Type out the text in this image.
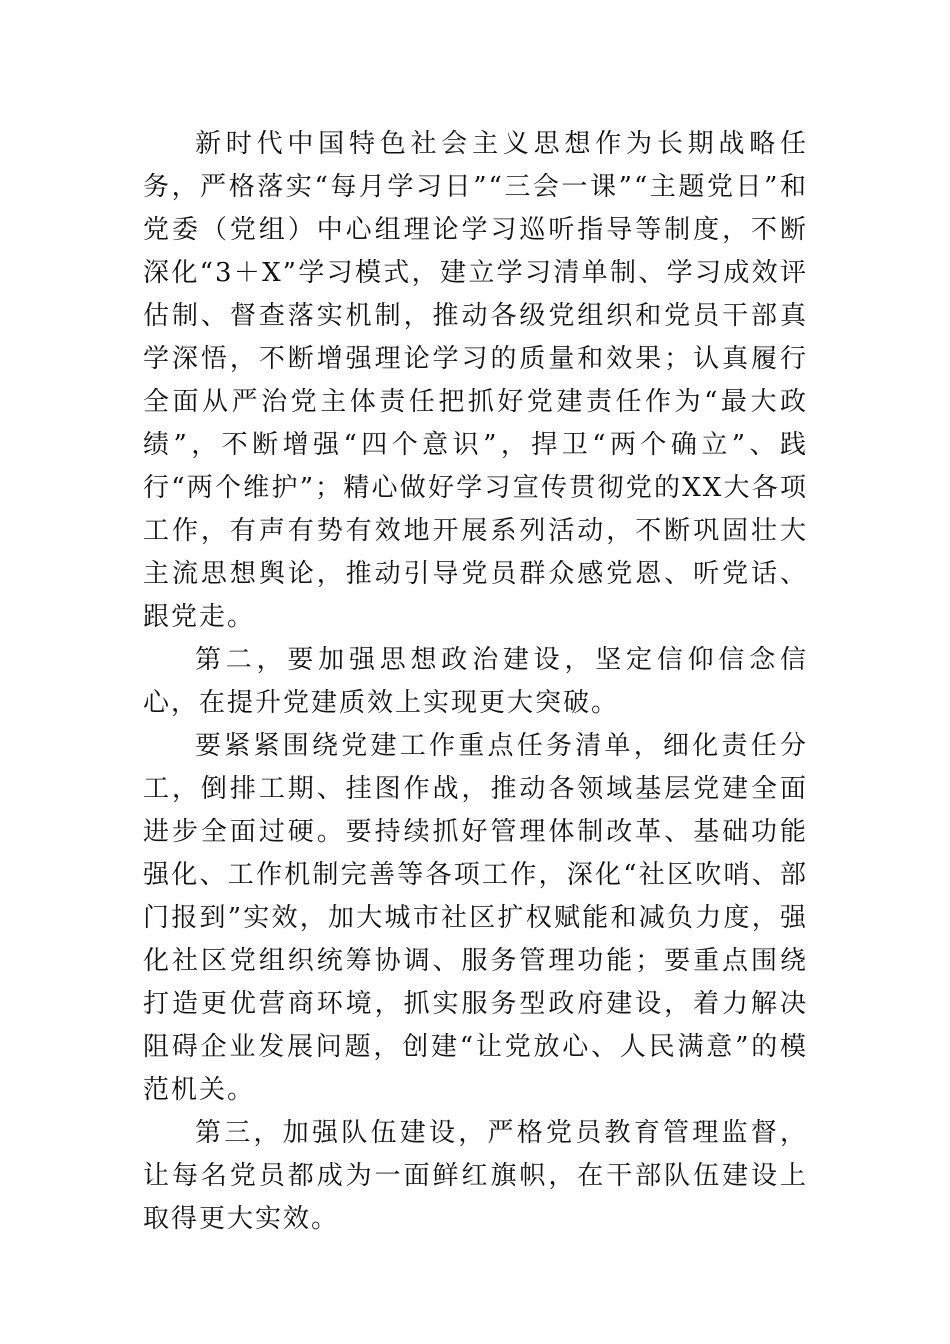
新时代中国特色社会主义思想作为长期战略任务，严格落实“每月学习日”“三会一课”“主题党日”和党委（党组）中心组理论学习巡听指导等制度，不断深化“3＋X”学习模式，建立学习清单制、学习成效评估制、督查落实机制，推动各级党组织和党员干部真学深悟，不断增强理论学习的质量和效果；认真履行全面从严治党主体责任把抓好党建责任作为“最大政绩”，不断增强“四个意识”，捍卫“两个确立”、践行“两个维护”；精心做好学习宣传贯彻党的XX大各项工作，有声有势有效地开展系列活动，不断巩固壮大主流思想舆论，推动引导党员群众感党恩、听党话、跟党走。

第二，要加强思想政治建设，坚定信仰信念信心，在提升党建质效上实现更大突破。

要紧紧围绕党建工作重点任务清单，细化责任分工，倒排工期、挂图作战，推动各领域基层党建全面进步全面过硬。要持续抓好管理体制改革、基础功能强化、工作机制完善等各项工作，深化“社区吹哨、部门报到”实效，加大城市社区扩权赋能和减负力度，强化社区党组织统筹协调、服务管理功能；要重点围绕打造更优营商环境，抓实服务型政府建设，着力解决阻碍企业发展问题，创建“让党放心、人民满意”的模范机关。

第三，加强队伍建设，严格党员教育管理监督，让每名党员都成为一面鲜红旗帜，在干部队伍建设上取得更大实效。
